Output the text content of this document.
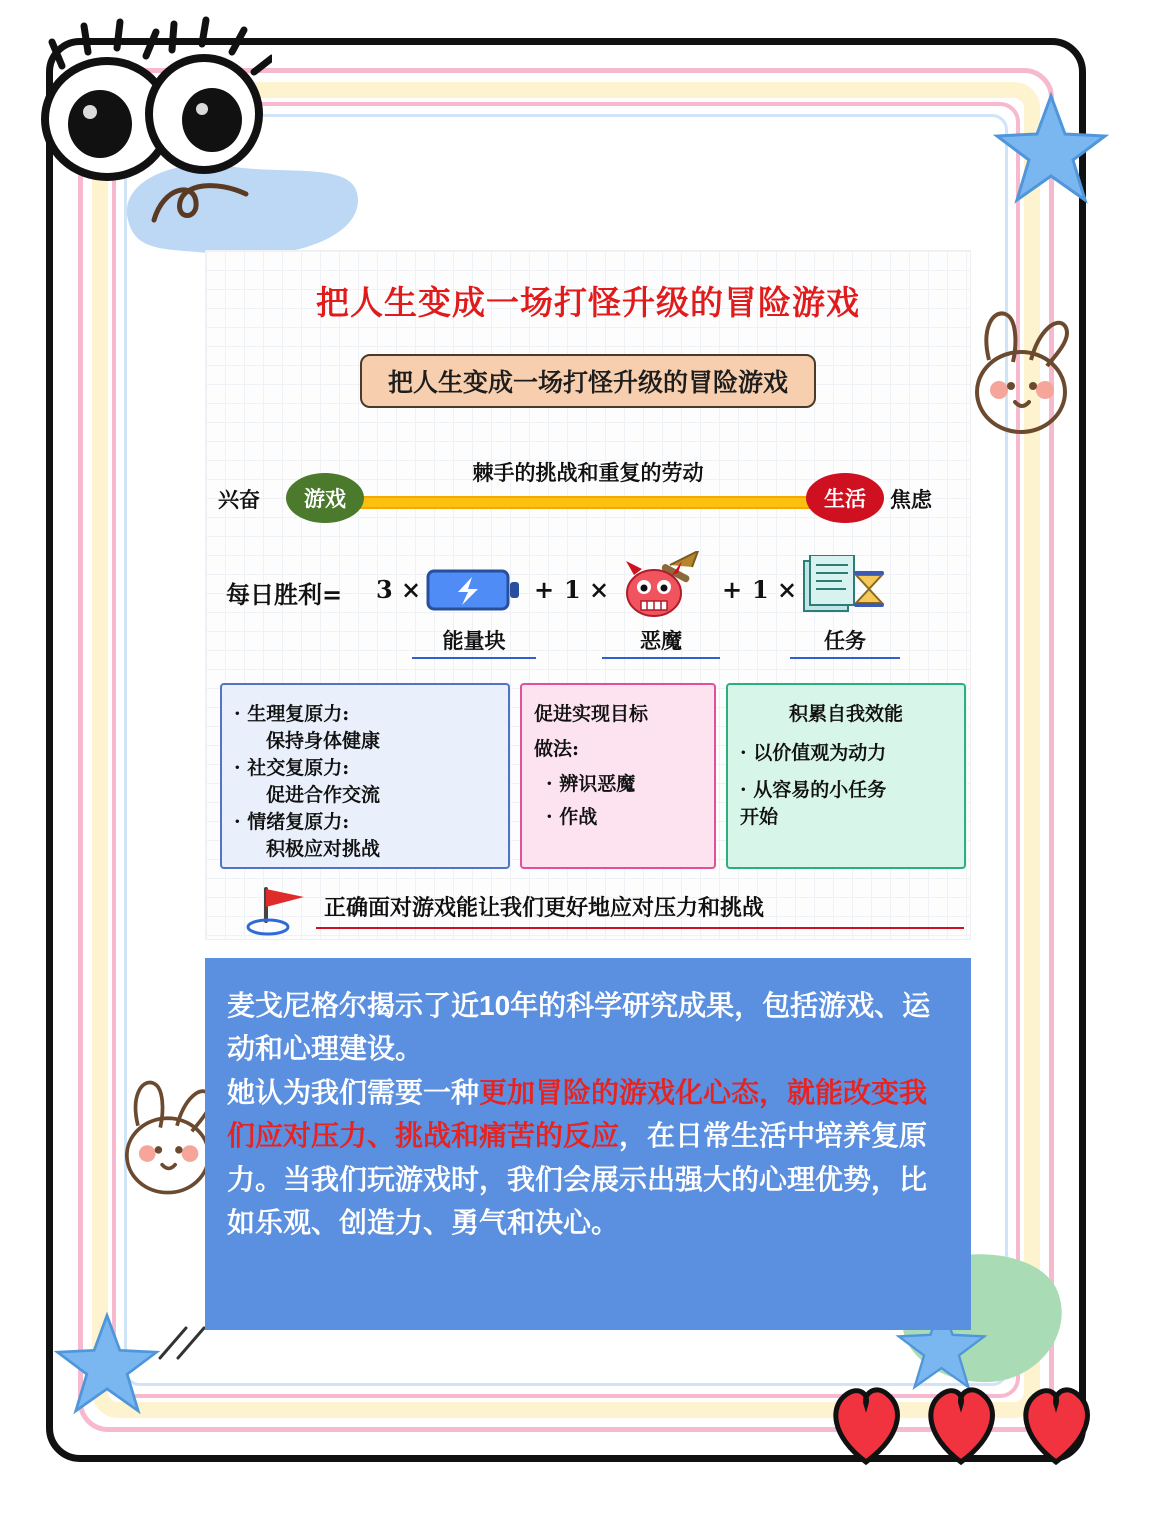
把人生变成一场打怪升级的冒险游戏
把人生变成一场打怪升级的冒险游戏
兴奋
棘手的挑战和重复的劳动
游戏	生活	焦虑
每日胜利= 3 ×
能量块
+ 1 ×
恶魔
+ 1 ×
任务

· 生理复原力:

保持身体健康

· 社交复原力:

促进合作交流

· 情绪复原力:

积极应对挑战

促进实现目标

做法:

· 辨识恶魔

· 作战

积累自我效能

· 以价值观为动力

· 从容易的小任务

开始

正确面对游戏能让我们更好地应对压力和挑战

麦戈尼格尔揭示了近10年的科学研究成果，包括游戏、运动和心理建设。

她认为我们需要一种更加冒险的游戏化心态，就能改变我们应对压力、挑战和痛苦的反应，在日常生活中培养复原力。当我们玩游戏时，我们会展示出强大的心理优势，比如乐观、创造力、勇气和决心。
